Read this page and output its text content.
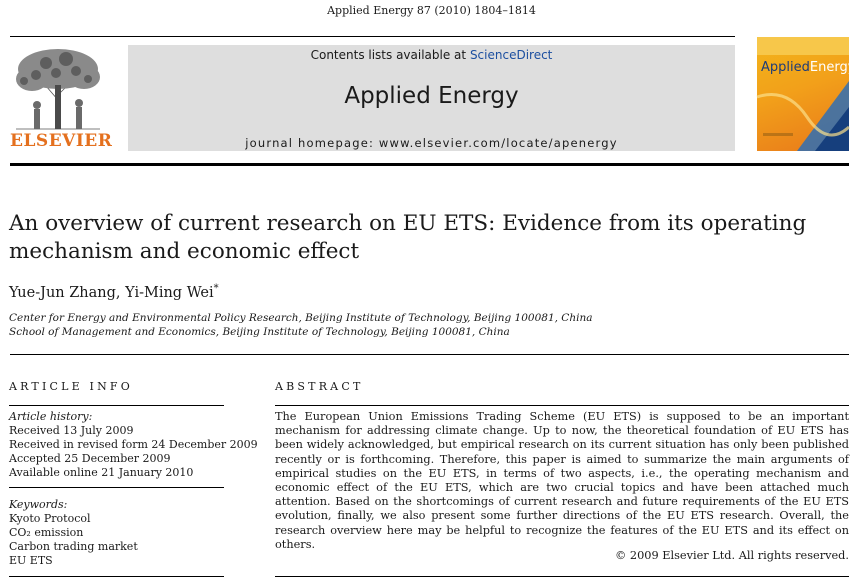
Applied Energy 87 (2010) 1804–1814
ELSEVIER
Contents lists available at ScienceDirect
Applied Energy
journal homepage: www.elsevier.com/locate/apenergy
AppliedEnergy
An overview of current research on EU ETS: Evidence from its operating mechanism and economic effect
Yue-Jun Zhang, Yi-Ming Wei*
Center for Energy and Environmental Policy Research, Beijing Institute of Technology, Beijing 100081, China
School of Management and Economics, Beijing Institute of Technology, Beijing 100081, China
ARTICLE INFO
Article history:
Received 13 July 2009
Received in revised form 24 December 2009
Accepted 25 December 2009
Available online 21 January 2010
Keywords:
Kyoto Protocol
CO₂ emission
Carbon trading market
EU ETS
ABSTRACT
The European Union Emissions Trading Scheme (EU ETS) is supposed to be an important mechanism for addressing climate change. Up to now, the theoretical foundation of EU ETS has been widely acknowledged, but empirical research on its current situation has only been published recently or is forthcoming. Therefore, this paper is aimed to summarize the main arguments of empirical studies on the EU ETS, in terms of two aspects, i.e., the operating mechanism and economic effect of the EU ETS, which are two crucial topics and have been attached much attention. Based on the shortcomings of current research and future requirements of the EU ETS evolution, finally, we also present some further directions of the EU ETS research. Overall, the research overview here may be helpful to recognize the features of the EU ETS and its effect on others.
© 2009 Elsevier Ltd. All rights reserved.
